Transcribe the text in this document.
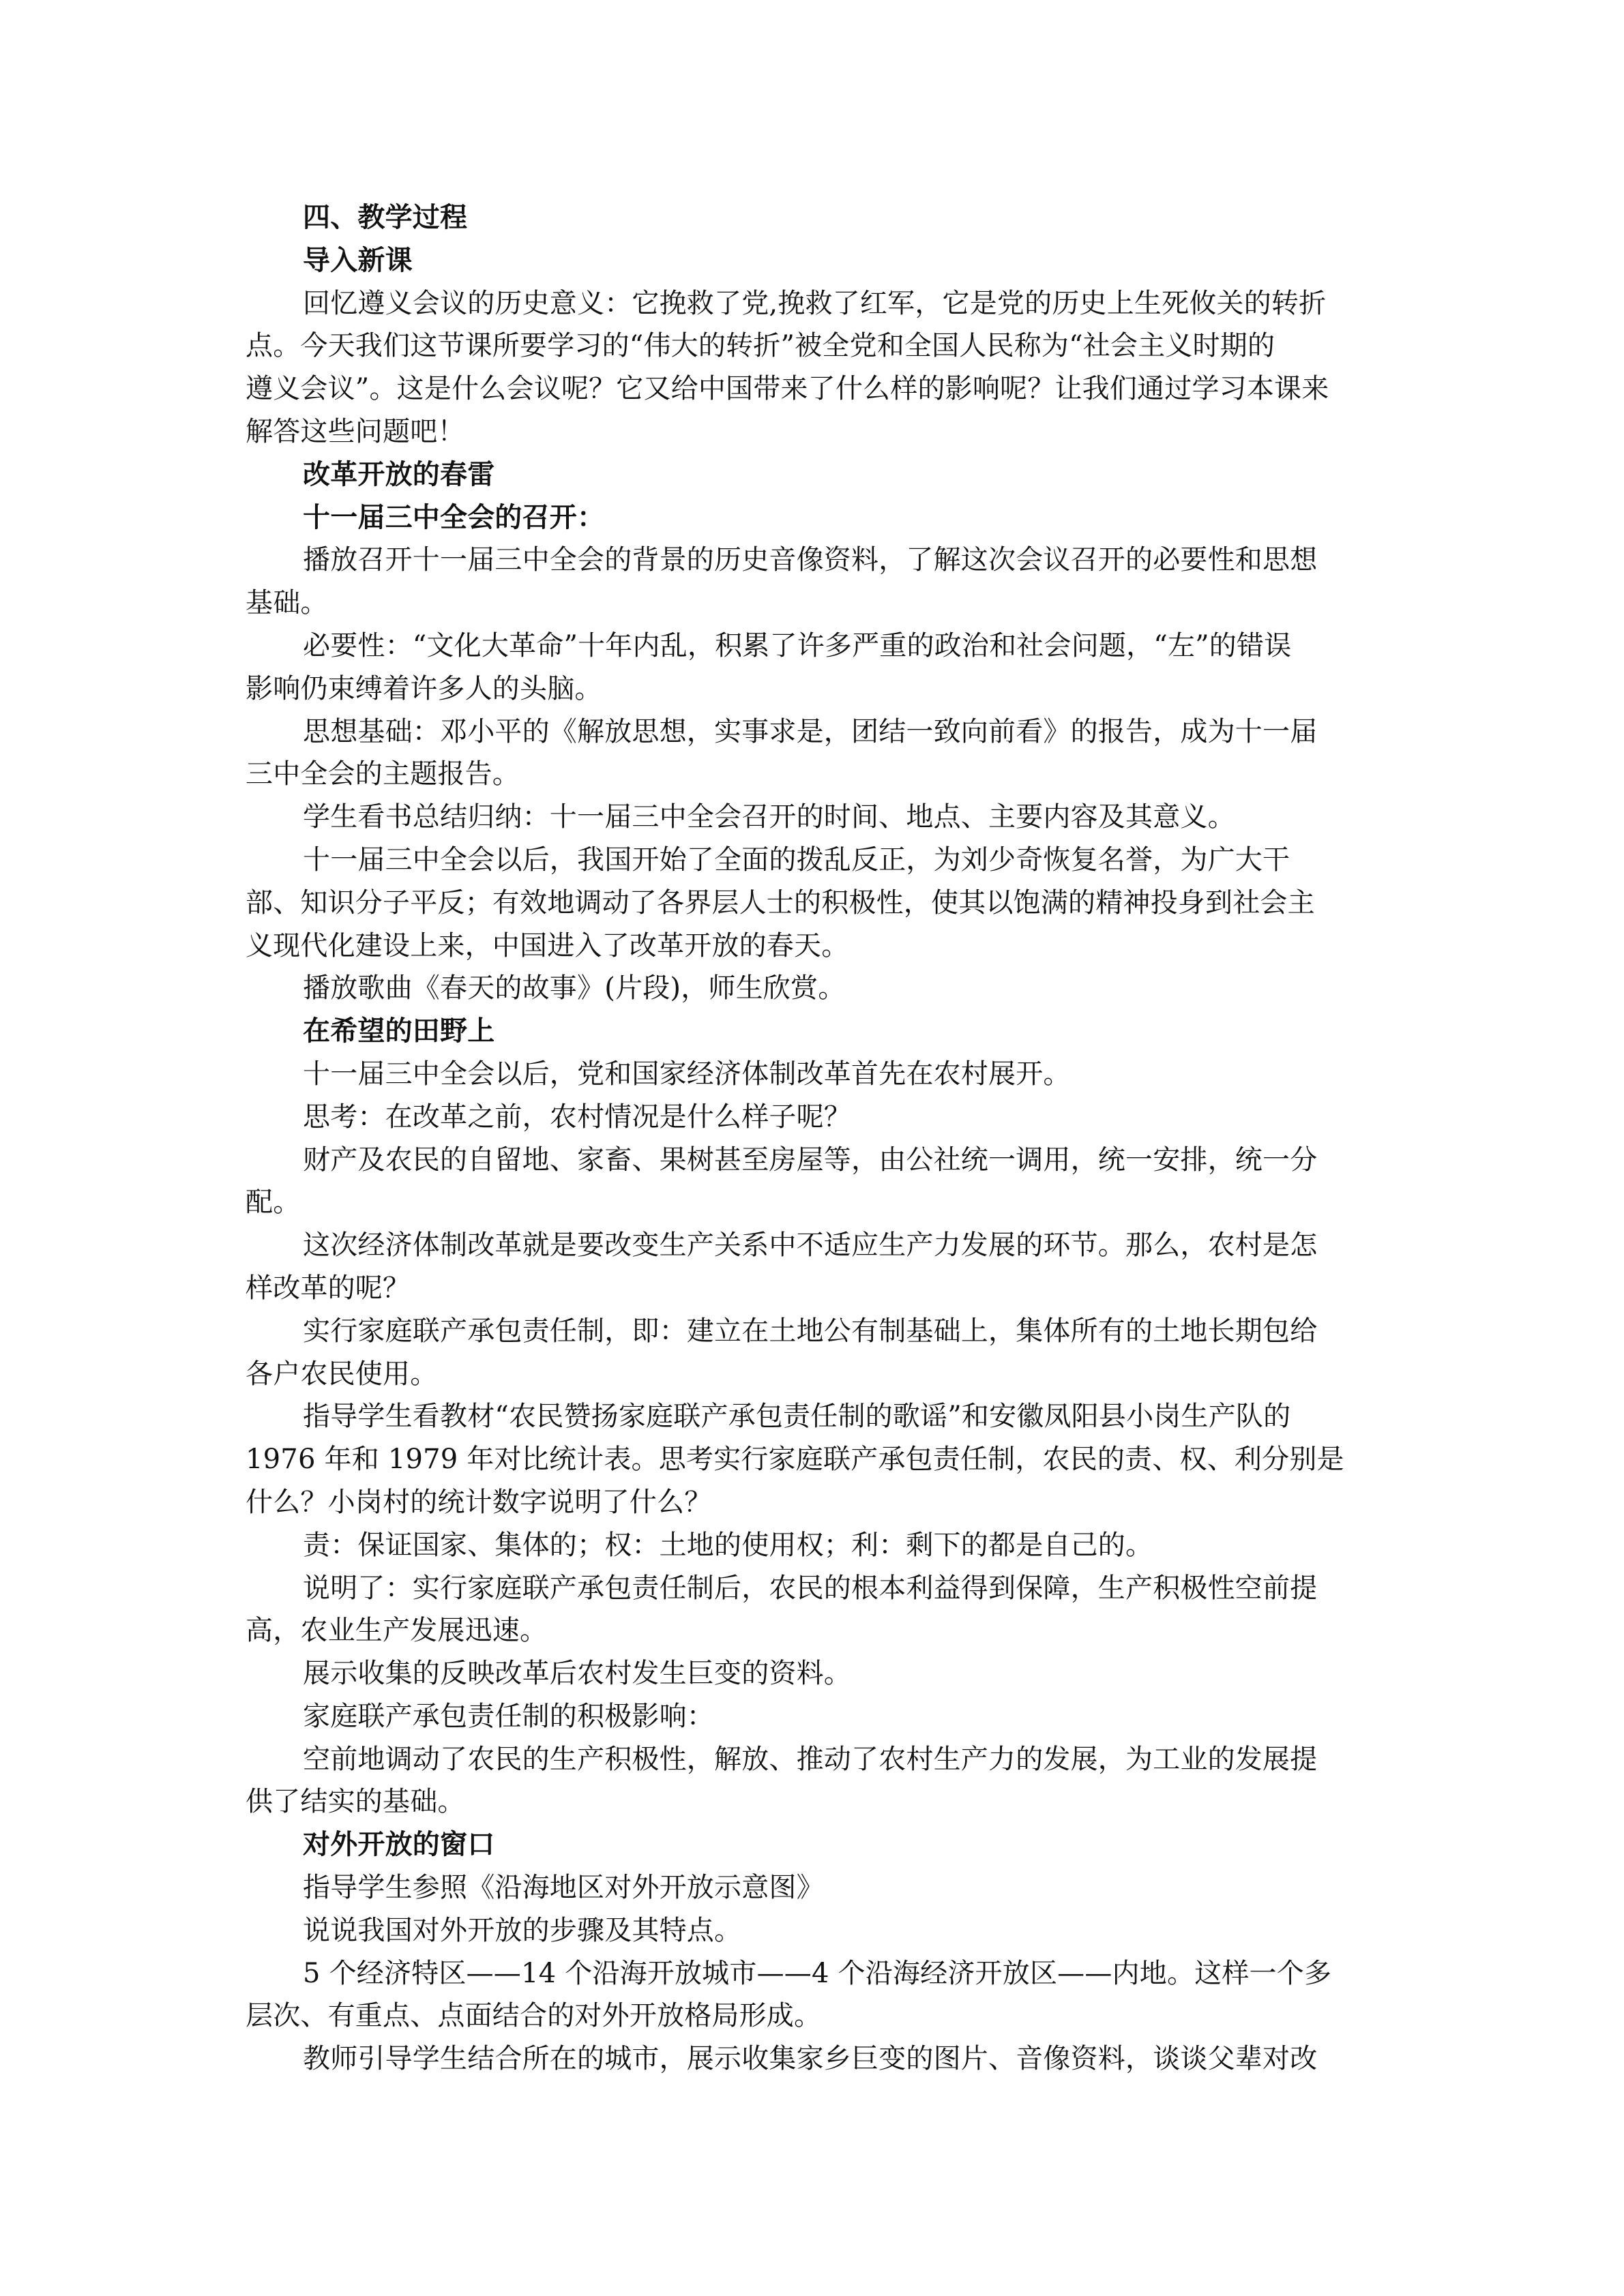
四、教学过程
导入新课
回忆遵义会议的历史意义：它挽救了党,挽救了红军，它是党的历史上生死攸关的转折
点。今天我们这节课所要学习的“伟大的转折”被全党和全国人民称为“社会主义时期的
遵义会议”。这是什么会议呢？它又给中国带来了什么样的影响呢？让我们通过学习本课来
解答这些问题吧！
改革开放的春雷
十一届三中全会的召开：
播放召开十一届三中全会的背景的历史音像资料，了解这次会议召开的必要性和思想
基础。
必要性：“文化大革命”十年内乱，积累了许多严重的政治和社会问题，“左”的错误
影响仍束缚着许多人的头脑。
思想基础：邓小平的《解放思想，实事求是，团结一致向前看》的报告，成为十一届
三中全会的主题报告。
学生看书总结归纳：十一届三中全会召开的时间、地点、主要内容及其意义。
十一届三中全会以后，我国开始了全面的拨乱反正，为刘少奇恢复名誉，为广大干
部、知识分子平反；有效地调动了各界层人士的积极性，使其以饱满的精神投身到社会主
义现代化建设上来，中国进入了改革开放的春天。
播放歌曲《春天的故事》(片段)，师生欣赏。
在希望的田野上
十一届三中全会以后，党和国家经济体制改革首先在农村展开。
思考：在改革之前，农村情况是什么样子呢？
财产及农民的自留地、家畜、果树甚至房屋等，由公社统一调用，统一安排，统一分
配。
这次经济体制改革就是要改变生产关系中不适应生产力发展的环节。那么，农村是怎
样改革的呢？
实行家庭联产承包责任制，即：建立在土地公有制基础上，集体所有的土地长期包给
各户农民使用。
指导学生看教材“农民赞扬家庭联产承包责任制的歌谣”和安徽凤阳县小岗生产队的
1976 年和 1979 年对比统计表。思考实行家庭联产承包责任制，农民的责、权、利分别是
什么？小岗村的统计数字说明了什么？
责：保证国家、集体的；权：土地的使用权；利：剩下的都是自己的。
说明了：实行家庭联产承包责任制后，农民的根本利益得到保障，生产积极性空前提
高，农业生产发展迅速。
展示收集的反映改革后农村发生巨变的资料。
家庭联产承包责任制的积极影响：
空前地调动了农民的生产积极性，解放、推动了农村生产力的发展，为工业的发展提
供了结实的基础。
对外开放的窗口
指导学生参照《沿海地区对外开放示意图》
说说我国对外开放的步骤及其特点。
5 个经济特区——14 个沿海开放城市——4 个沿海经济开放区——内地。这样一个多
层次、有重点、点面结合的对外开放格局形成。
教师引导学生结合所在的城市，展示收集家乡巨变的图片、音像资料，谈谈父辈对改
